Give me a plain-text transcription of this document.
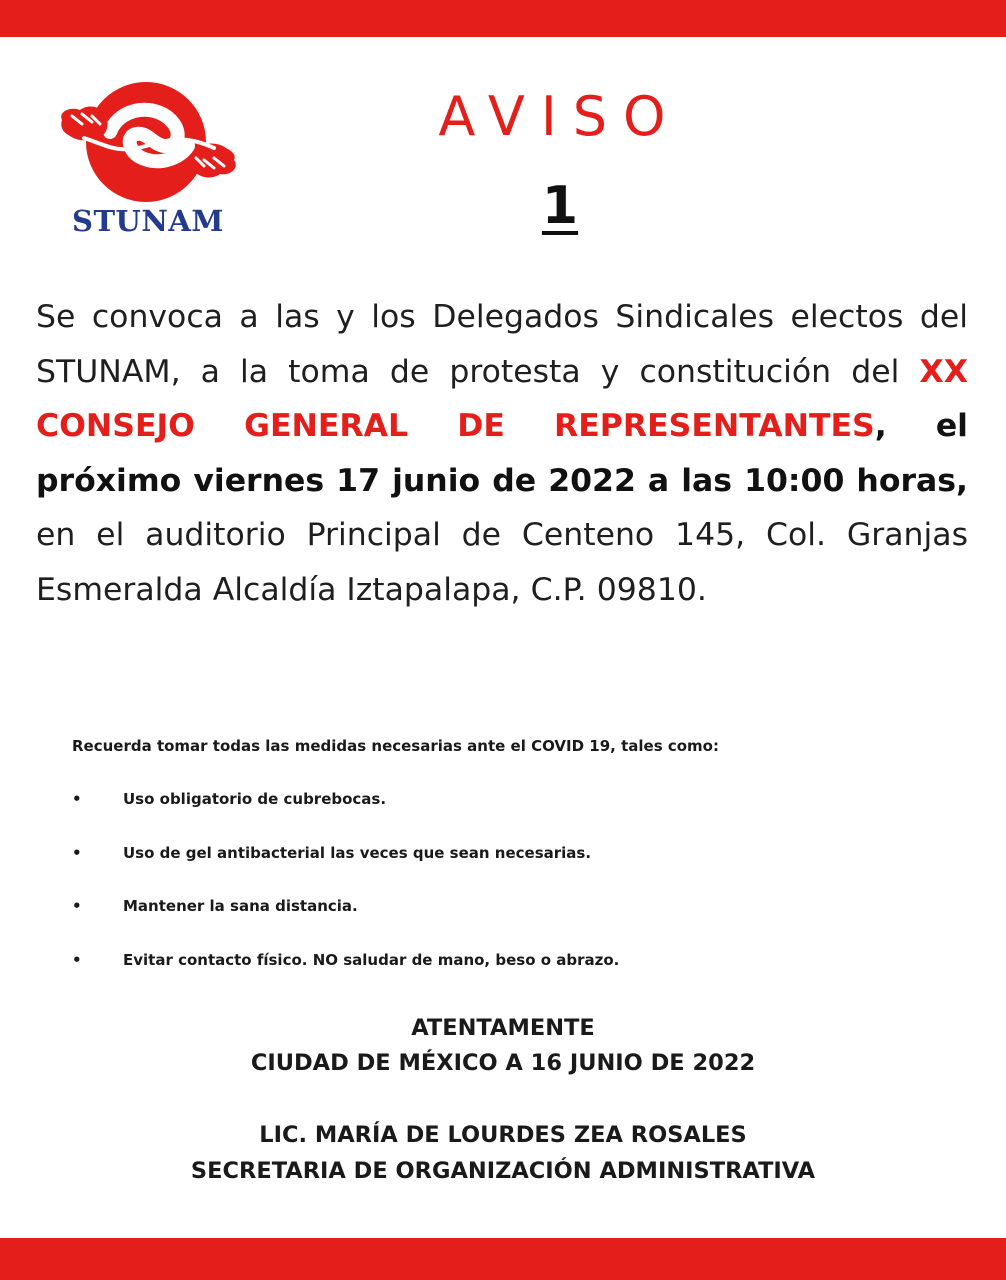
STUNAM
AVISO
1

Se convoca a las y los Delegados Sindicales electos del STUNAM, a la toma de protesta y constitución del XX CONSEJO GENERAL DE REPRESENTANTES, el próximo viernes 17 junio de 2022 a las 10:00 horas, en el auditorio Principal de Centeno 145, Col. Granjas Esmeralda Alcaldía Iztapalapa, C.P. 09810.

Recuerda tomar todas las medidas necesarias ante el COVID 19, tales como:

•	Uso obligatorio de cubrebocas.
•	Uso de gel antibacterial las veces que sean necesarias.
•	Mantener la sana distancia.
•	Evitar contacto físico. NO saludar de mano, beso o abrazo.
ATENTAMENTE
CIUDAD DE MÉXICO A 16 JUNIO DE 2022
LIC. MARÍA DE LOURDES ZEA ROSALES
SECRETARIA DE ORGANIZACIÓN ADMINISTRATIVA
